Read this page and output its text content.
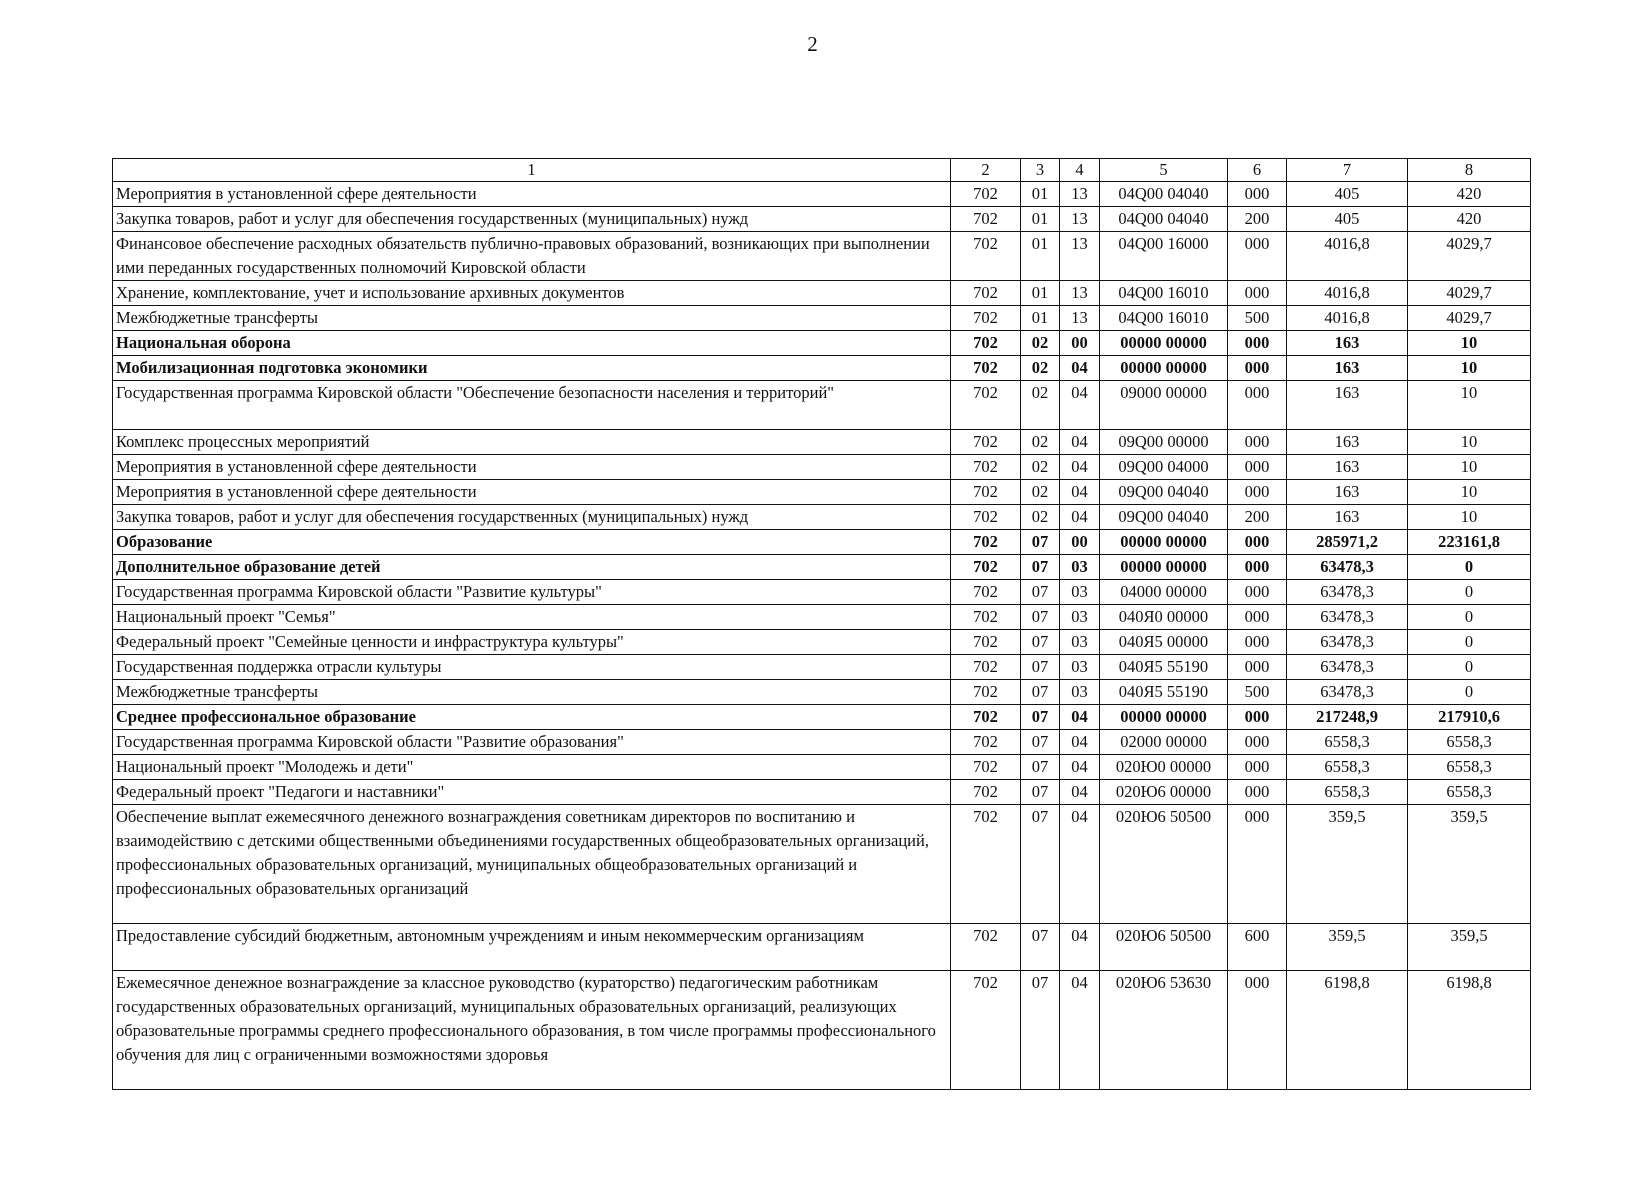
2
1	2	3	4	5	6	7	8
Мероприятия в установленной сфере деятельности	702	01	13	04Q00 04040	000	405	420
Закупка товаров, работ и услуг для обеспечения государственных (муниципальных) нужд	702	01	13	04Q00 04040	200	405	420
Финансовое обеспечение расходных обязательств публично-правовых образований, возникающих при выполнении ими переданных государственных полномочий Кировской области	702	01	13	04Q00 16000	000	4016,8	4029,7
Хранение, комплектование, учет и использование архивных документов	702	01	13	04Q00 16010	000	4016,8	4029,7
Межбюджетные трансферты	702	01	13	04Q00 16010	500	4016,8	4029,7
Национальная оборона	702	02	00	00000 00000	000	163	10
Мобилизационная подготовка экономики	702	02	04	00000 00000	000	163	10
Государственная программа Кировской области "Обеспечение безопасности населения и территорий"	702	02	04	09000 00000	000	163	10
Комплекс процессных мероприятий	702	02	04	09Q00 00000	000	163	10
Мероприятия в установленной сфере деятельности	702	02	04	09Q00 04000	000	163	10
Мероприятия в установленной сфере деятельности	702	02	04	09Q00 04040	000	163	10
Закупка товаров, работ и услуг для обеспечения государственных (муниципальных) нужд	702	02	04	09Q00 04040	200	163	10
Образование	702	07	00	00000 00000	000	285971,2	223161,8
Дополнительное образование детей	702	07	03	00000 00000	000	63478,3	0
Государственная программа Кировской области "Развитие культуры"	702	07	03	04000 00000	000	63478,3	0
Национальный проект "Семья"	702	07	03	040Я0 00000	000	63478,3	0
Федеральный проект "Семейные ценности и инфраструктура культуры"	702	07	03	040Я5 00000	000	63478,3	0
Государственная поддержка отрасли культуры	702	07	03	040Я5 55190	000	63478,3	0
Межбюджетные трансферты	702	07	03	040Я5 55190	500	63478,3	0
Среднее профессиональное образование	702	07	04	00000 00000	000	217248,9	217910,6
Государственная программа Кировской области "Развитие образования"	702	07	04	02000 00000	000	6558,3	6558,3
Национальный проект "Молодежь и дети"	702	07	04	020Ю0 00000	000	6558,3	6558,3
Федеральный проект "Педагоги и наставники"	702	07	04	020Ю6 00000	000	6558,3	6558,3
Обеспечение выплат ежемесячного денежного вознаграждения советникам директоров по воспитанию и взаимодействию с детскими общественными объединениями государственных общеобразовательных организаций, профессиональных образовательных организаций, муниципальных общеобразовательных организаций и профессиональных образовательных организаций	702	07	04	020Ю6 50500	000	359,5	359,5
Предоставление субсидий бюджетным, автономным учреждениям и иным некоммерческим организациям	702	07	04	020Ю6 50500	600	359,5	359,5
Ежемесячное денежное вознаграждение за классное руководство (кураторство) педагогическим работникам государственных образовательных организаций, муниципальных образовательных организаций, реализующих образовательные программы среднего профессионального образования, в том числе программы профессионального обучения для лиц с ограниченными возможностями здоровья	702	07	04	020Ю6 53630	000	6198,8	6198,8
